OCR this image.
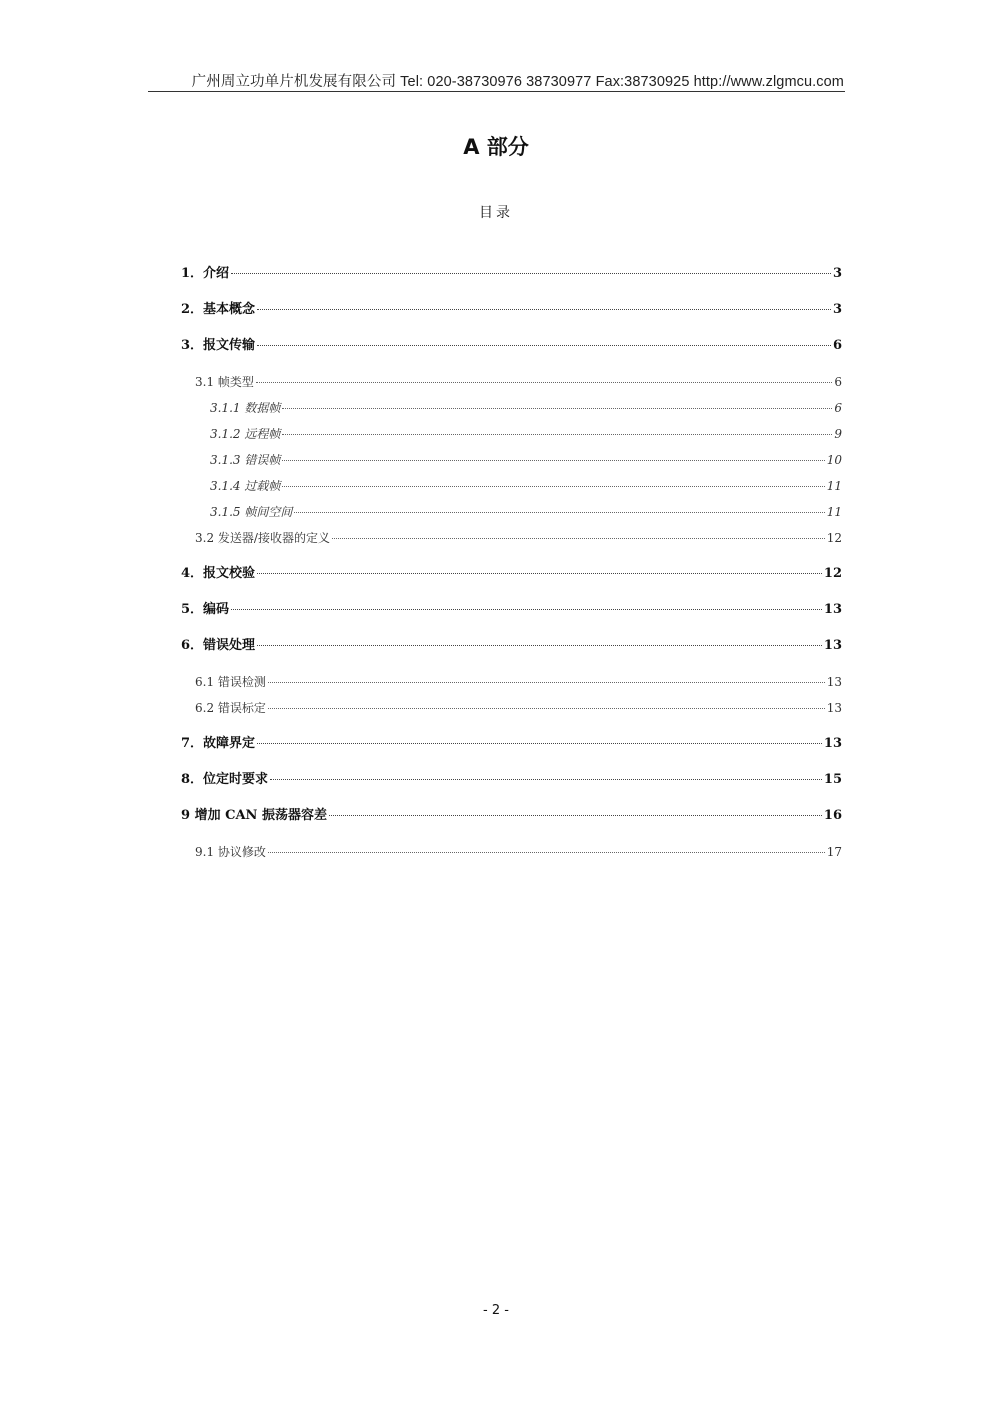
广州周立功单片机发展有限公司 Tel: 020-38730976 38730977 Fax:38730925 http://www.zlgmcu.com
A 部分
目录
1．介绍	3
2．基本概念	3
3．报文传输	6
3.1 帧类型	6
3.1.1 数据帧	6
3.1.2 远程帧	9
3.1.3 错误帧	10
3.1.4 过载帧	11
3.1.5 帧间空间	11
3.2 发送器/接收器的定义	12
4．报文校验	12
5．编码	13
6．错误处理	13
6.1 错误检测	13
6.2 错误标定	13
7．故障界定	13
8．位定时要求	15
9 增加 CAN 振荡器容差	16
9.1 协议修改	17
- 2 -
